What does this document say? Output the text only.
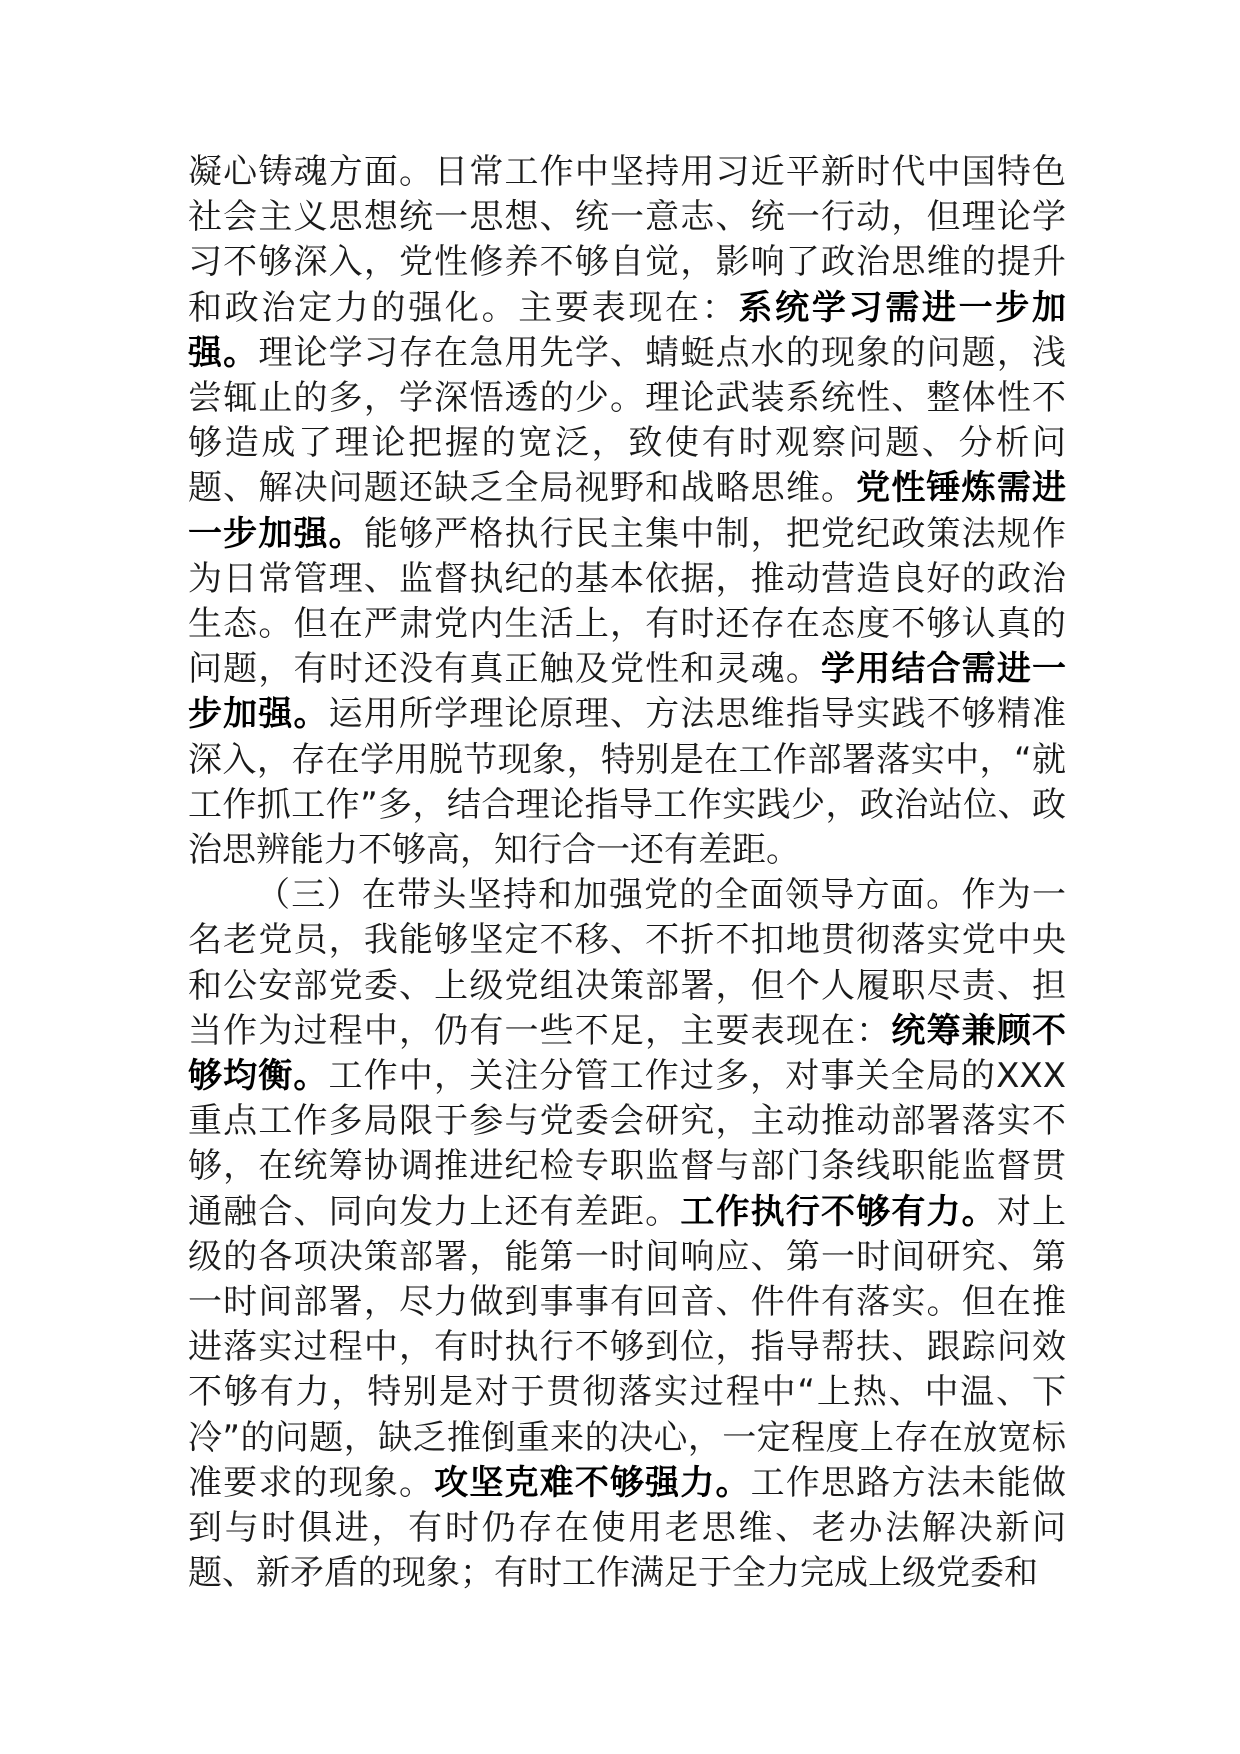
凝心铸魂方面。日常工作中坚持用习近平新时代中国特色社会主义思想统一思想、统一意志、统一行动，但理论学习不够深入，党性修养不够自觉，影响了政治思维的提升和政治定力的强化。主要表现在：系统学习需进一步加强。理论学习存在急用先学、蜻蜓点水的现象的问题，浅尝辄止的多，学深悟透的少。理论武装系统性、整体性不够造成了理论把握的宽泛，致使有时观察问题、分析问题、解决问题还缺乏全局视野和战略思维。党性锤炼需进一步加强。能够严格执行民主集中制，把党纪政策法规作为日常管理、监督执纪的基本依据，推动营造良好的政治生态。但在严肃党内生活上，有时还存在态度不够认真的问题，有时还没有真正触及党性和灵魂。学用结合需进一步加强。运用所学理论原理、方法思维指导实践不够精准深入，存在学用脱节现象，特别是在工作部署落实中，“就工作抓工作”多，结合理论指导工作实践少，政治站位、政治思辨能力不够高，知行合一还有差距。

（三）在带头坚持和加强党的全面领导方面。作为一名老党员，我能够坚定不移、不折不扣地贯彻落实党中央和公安部党委、上级党组决策部署，但个人履职尽责、担当作为过程中，仍有一些不足，主要表现在：统筹兼顾不够均衡。工作中，关注分管工作过多，对事关全局的XXX重点工作多局限于参与党委会研究，主动推动部署落实不够，在统筹协调推进纪检专职监督与部门条线职能监督贯通融合、同向发力上还有差距。工作执行不够有力。对上级的各项决策部署，能第一时间响应、第一时间研究、第一时间部署，尽力做到事事有回音、件件有落实。但在推进落实过程中，有时执行不够到位，指导帮扶、跟踪问效不够有力，特别是对于贯彻落实过程中“上热、中温、下冷”的问题，缺乏推倒重来的决心，一定程度上存在放宽标准要求的现象。攻坚克难不够强力。工作思路方法未能做到与时俱进，有时仍存在使用老思维、老办法解决新问题、新矛盾的现象；有时工作满足于全力完成上级党委和
